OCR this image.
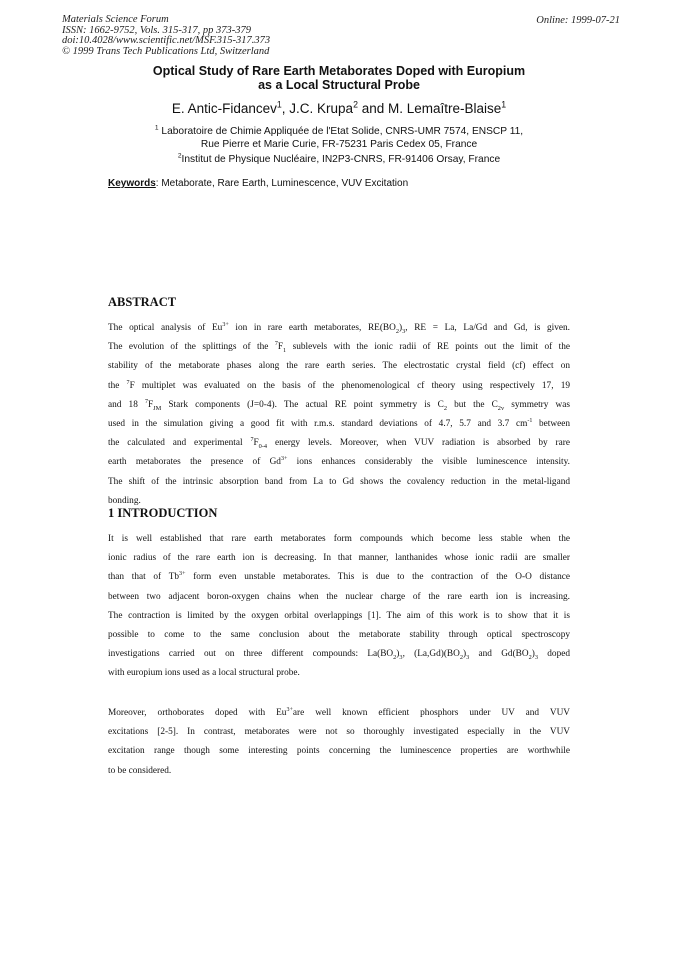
Materials Science Forum
ISSN: 1662-9752, Vols. 315-317, pp 373-379
doi:10.4028/www.scientific.net/MSF.315-317.373
© 1999 Trans Tech Publications Ltd, Switzerland
Online: 1999-07-21
Optical Study of Rare Earth Metaborates Doped with Europium
as a Local Structural Probe
E. Antic-Fidancev$^1$, J.C. Krupa$^2$ and M. Lemaître-Blaise$^1$
$^1$ Laboratoire de Chimie Appliquée de l'Etat Solide, CNRS-UMR 7574, ENSCP 11,
Rue Pierre et Marie Curie, FR-75231 Paris Cedex 05, France
$^2$Institut de Physique Nucléaire, IN2P3-CNRS, FR-91406 Orsay, France
Keywords: Metaborate, Rare Earth, Luminescence, VUV Excitation
ABSTRACT
The optical analysis of $Eu^{3+}$ ion in rare earth metaborates, $RE(BO_2)_3$, RE = La, La/Gd and Gd, is given.
The evolution of the splittings of the $^7F_1$ sublevels with the ionic radii of RE points out the limit of the
stability of the metaborate phases along the rare earth series. The electrostatic crystal field (cf) effect on
the $^7$F multiplet was evaluated on the basis of the phenomenological cf theory using respectively 17, 19
and 18 $^7F_{JM}$ Stark components (J=0-4). The actual RE point symmetry is $C_2$ but the $C_{2v}$ symmetry was
used in the simulation giving a good fit with r.m.s. standard deviations of 4.7, 5.7 and 3.7 $cm^{-1}$ between
the calculated and experimental $^7F_{0-4}$ energy levels. Moreover, when VUV radiation is absorbed by rare
earth metaborates the presence of $Gd^{3+}$ ions enhances considerably the visible luminescence intensity.
The shift of the intrinsic absorption band from La to Gd shows the covalency reduction in the metal-ligand
bonding.
1 INTRODUCTION
It is well established that rare earth metaborates form compounds which become less stable when the
ionic radius of the rare earth ion is decreasing. In that manner, lanthanides whose ionic radii are smaller
than that of $Tb^{3+}$ form even unstable metaborates. This is due to the contraction of the O-O distance
between two adjacent boron-oxygen chains when the nuclear charge of the rare earth ion is increasing.
The contraction is limited by the oxygen orbital overlappings [1]. The aim of this work is to show that it is
possible to come to the same conclusion about the metaborate stability through optical spectroscopy
investigations carried out on three different compounds: $La(BO_2)_3$, $(La,Gd)(BO_2)_3$ and $Gd(BO_2)_3$ doped
with europium ions used as a local structural probe.
Moreover, orthoborates doped with $Eu^{3+}are$ well known efficient phosphors under UV and VUV
excitations [2-5]. In contrast, metaborates were not so thoroughly investigated especially in the VUV
excitation range though some interesting points concerning the luminescence properties are worthwhile
to be considered.
